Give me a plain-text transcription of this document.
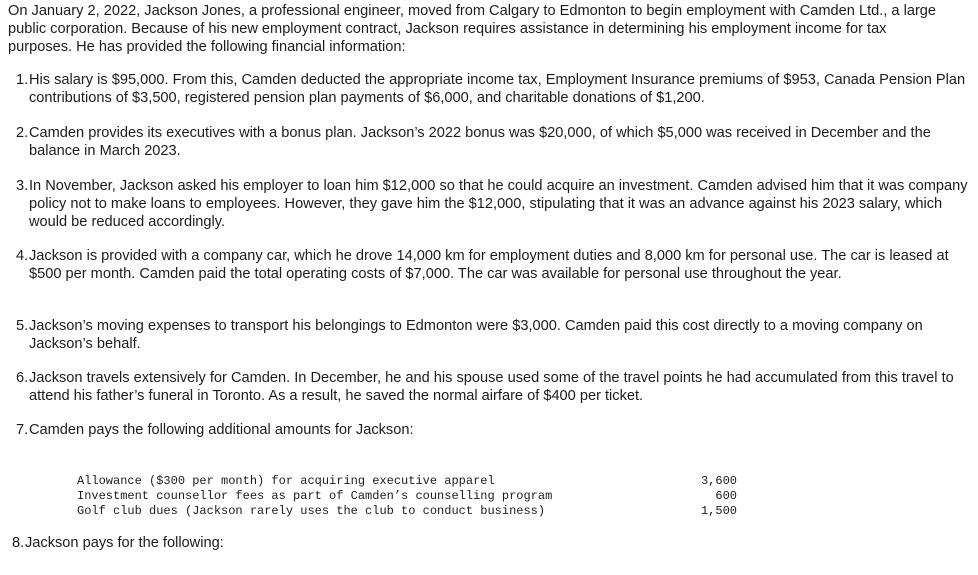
On January 2, 2022, Jackson Jones, a professional engineer, moved from Calgary to Edmonton to begin employment with Camden Ltd., a large public corporation. Because of his new employment contract, Jackson requires assistance in determining his employment income for tax purposes. He has provided the following financial information:

1. His salary is $95,000. From this, Camden deducted the appropriate income tax, Employment Insurance premiums of $953, Canada Pension Plan contributions of $3,500, registered pension plan payments of $6,000, and charitable donations of $1,200.
2. Camden provides its executives with a bonus plan. Jackson’s 2022 bonus was $20,000, of which $5,000 was received in December and the balance in March 2023.
3. In November, Jackson asked his employer to loan him $12,000 so that he could acquire an investment. Camden advised him that it was company policy not to make loans to employees. However, they gave him the $12,000, stipulating that it was an advance against his 2023 salary, which would be reduced accordingly.
4. Jackson is provided with a company car, which he drove 14,000 km for employment duties and 8,000 km for personal use. The car is leased at $500 per month. Camden paid the total operating costs of $7,000. The car was available for personal use throughout the year.
5. Jackson’s moving expenses to transport his belongings to Edmonton were $3,000. Camden paid this cost directly to a moving company on Jackson’s behalf.
6. Jackson travels extensively for Camden. In December, he and his spouse used some of the travel points he had accumulated from this travel to attend his father’s funeral in Toronto. As a result, he saved the normal airfare of $400 per ticket.
7. Camden pays the following additional amounts for Jackson:
Allowance ($300 per month) for acquiring executive apparel	3,600
Investment counsellor fees as part of Camden’s counselling program	600
Golf club dues (Jackson rarely uses the club to conduct business)	1,500
8. Jackson pays for the following:
